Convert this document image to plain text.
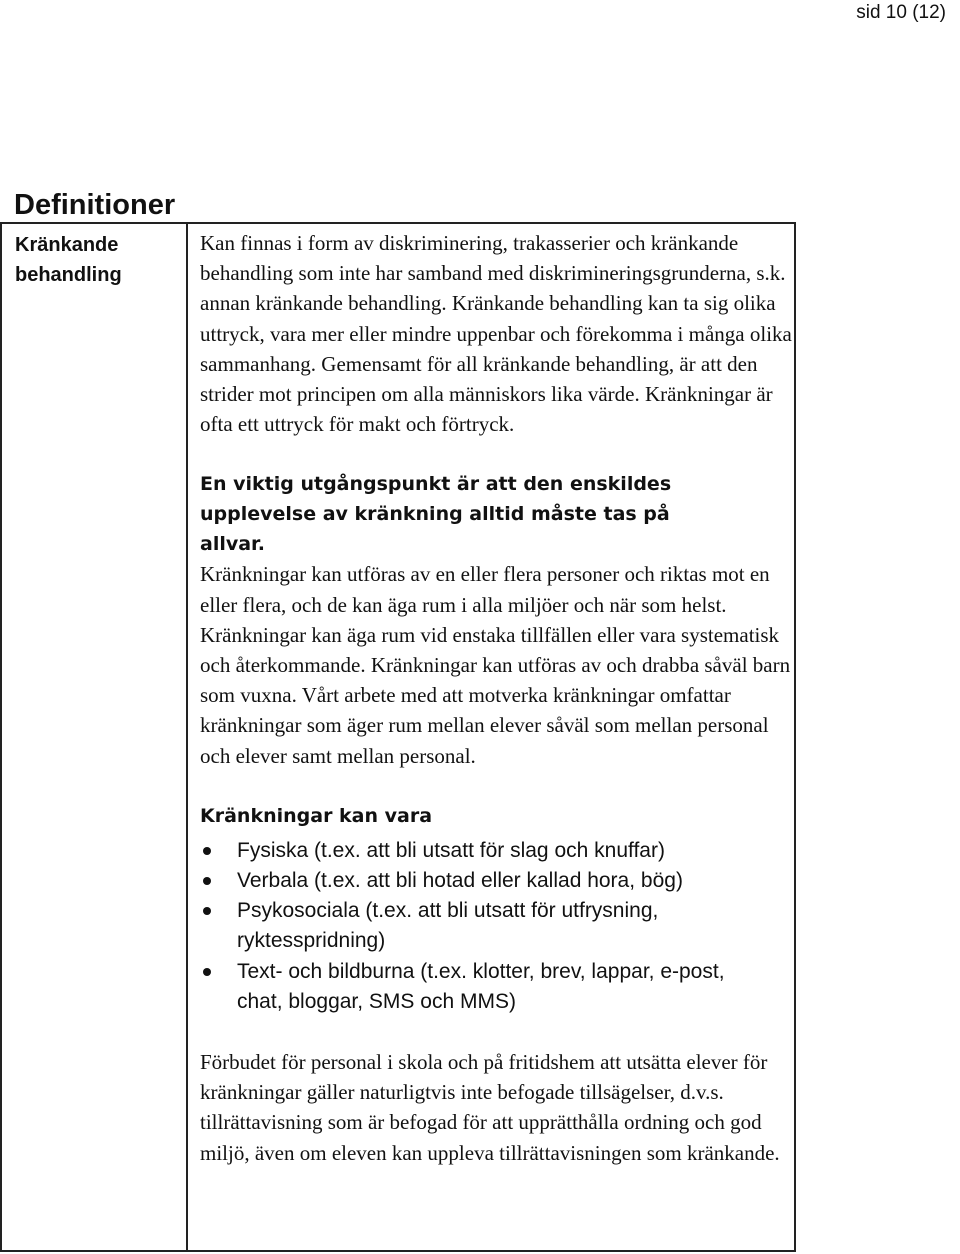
sid 10 (12)
Definitioner
Kränkande behandling

Kan finnas i form av diskriminering, trakasserier och kränkande behandling som inte har samband med diskrimineringsgrunderna, s.k. annan kränkande behandling. Kränkande behandling kan ta sig olika uttryck, vara mer eller mindre uppenbar och förekomma i många olika sammanhang. Gemensamt för all kränkande behandling, är att den strider mot principen om alla människors lika värde. Kränkningar är ofta ett uttryck för makt och förtryck.

En viktig utgångspunkt är att den enskildes upplevelse av kränkning alltid måste tas på allvar.

Kränkningar kan utföras av en eller flera personer och riktas mot en eller flera, och de kan äga rum i alla miljöer och när som helst. Kränkningar kan äga rum vid enstaka tillfällen eller vara systematisk och återkommande. Kränkningar kan utföras av och drabba såväl barn som vuxna. Vårt arbete med att motverka kränkningar omfattar kränkningar som äger rum mellan elever såväl som mellan personal och elever samt mellan personal.

Kränkningar kan vara

Fysiska (t.ex. att bli utsatt för slag och knuffar)
Verbala (t.ex. att bli hotad eller kallad hora, bög)
Psykosociala (t.ex. att bli utsatt för utfrysning, ryktesspridning)
Text- och bildburna (t.ex. klotter, brev, lappar, e-post, chat, bloggar, SMS och MMS)

Förbudet för personal i skola och på fritidshem att utsätta elever för kränkningar gäller naturligtvis inte befogade tillsägelser, d.v.s. tillrättavisning som är befogad för att upprätthålla ordning och god miljö, även om eleven kan uppleva tillrättavisningen som kränkande.
